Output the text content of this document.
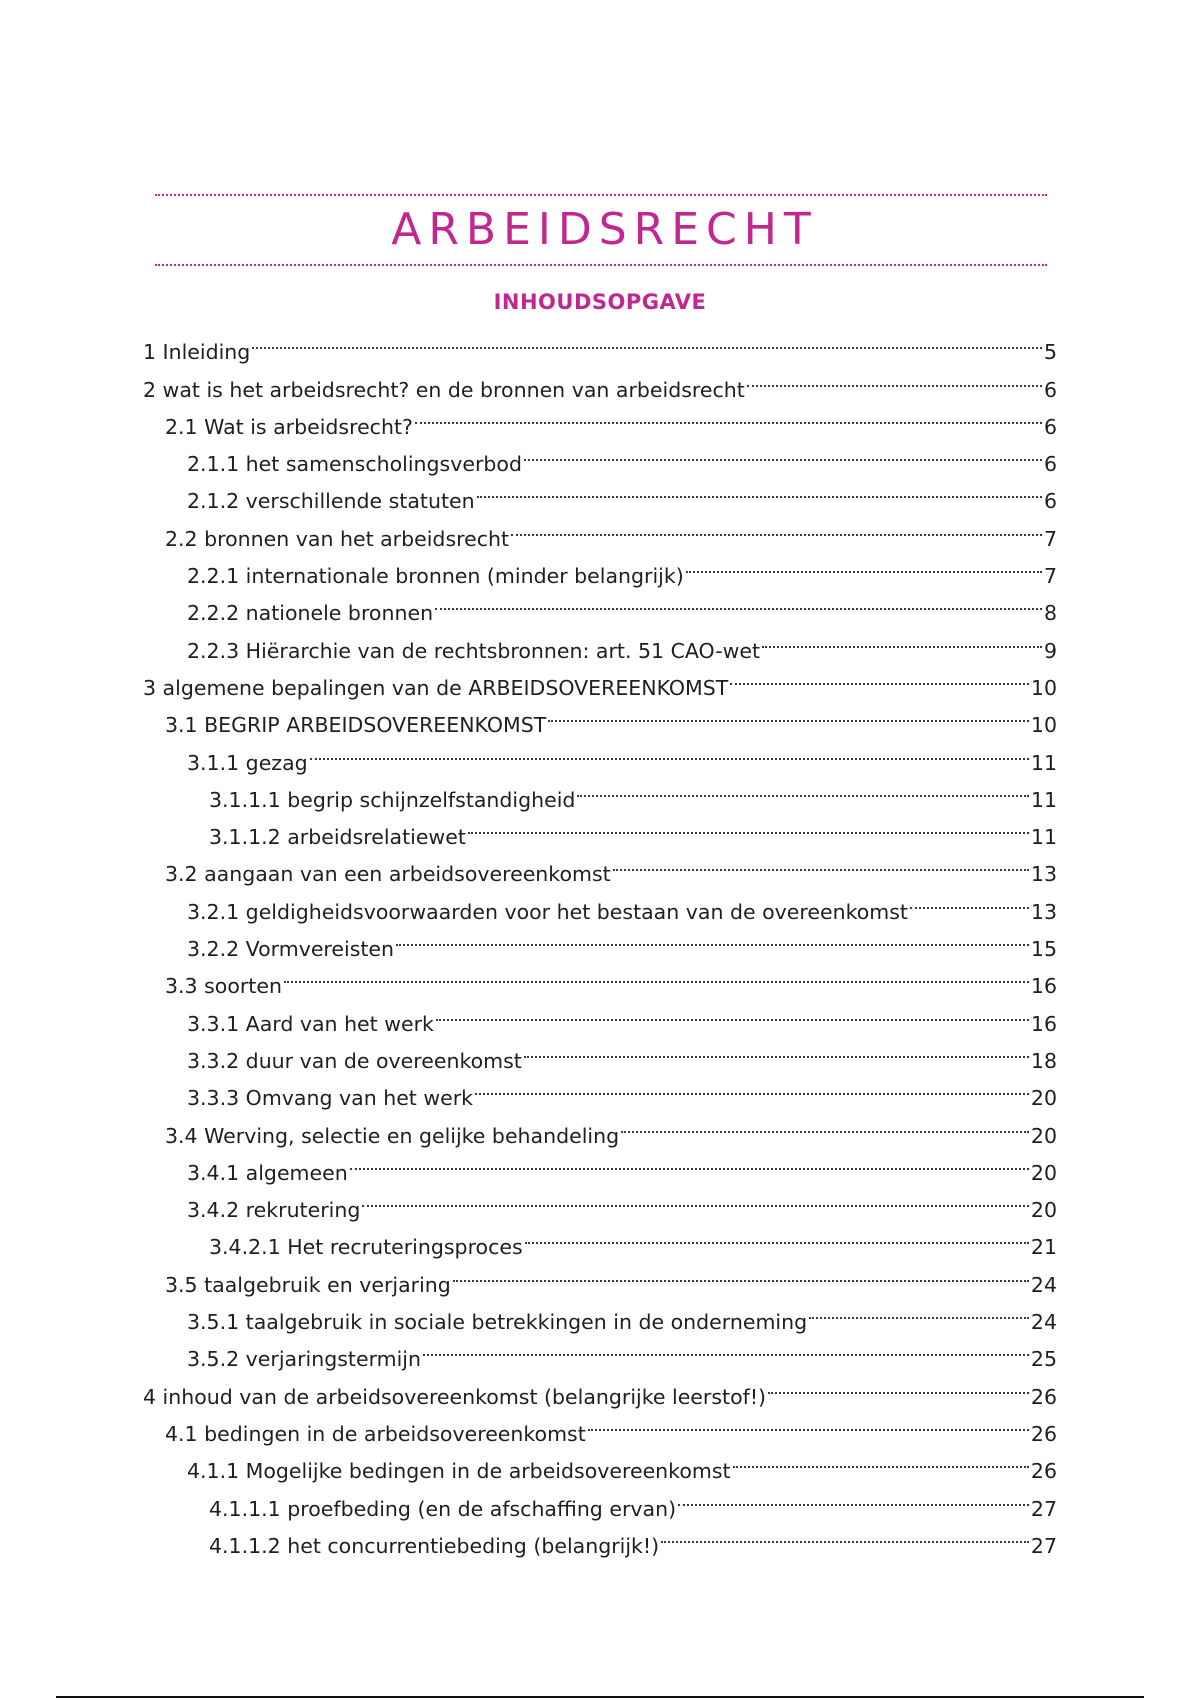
ARBEIDSRECHT
INHOUDSOPGAVE
1 Inleiding	5
2 wat is het arbeidsrecht? en de bronnen van arbeidsrecht	6
2.1 Wat is arbeidsrecht?	6
2.1.1 het samenscholingsverbod	6
2.1.2 verschillende statuten	6
2.2 bronnen van het arbeidsrecht	7
2.2.1 internationale bronnen (minder belangrijk)	7
2.2.2 nationele bronnen	8
2.2.3 Hiërarchie van de rechtsbronnen: art. 51 CAO-wet	9
3 algemene bepalingen van de ARBEIDSOVEREENKOMST	10
3.1 BEGRIP ARBEIDSOVEREENKOMST	10
3.1.1 gezag	11
3.1.1.1 begrip schijnzelfstandigheid	11
3.1.1.2 arbeidsrelatiewet	11
3.2 aangaan van een arbeidsovereenkomst	13
3.2.1 geldigheidsvoorwaarden voor het bestaan van de overeenkomst	13
3.2.2 Vormvereisten	15
3.3 soorten	16
3.3.1 Aard van het werk	16
3.3.2 duur van de overeenkomst	18
3.3.3 Omvang van het werk	20
3.4 Werving, selectie en gelijke behandeling	20
3.4.1 algemeen	20
3.4.2 rekrutering	20
3.4.2.1 Het recruteringsproces	21
3.5 taalgebruik en verjaring	24
3.5.1 taalgebruik in sociale betrekkingen in de onderneming	24
3.5.2 verjaringstermijn	25
4 inhoud van de arbeidsovereenkomst (belangrijke leerstof!)	26
4.1 bedingen in de arbeidsovereenkomst	26
4.1.1 Mogelijke bedingen in de arbeidsovereenkomst	26
4.1.1.1 proefbeding (en de afschaffing ervan)	27
4.1.1.2 het concurrentiebeding (belangrijk!)	27
